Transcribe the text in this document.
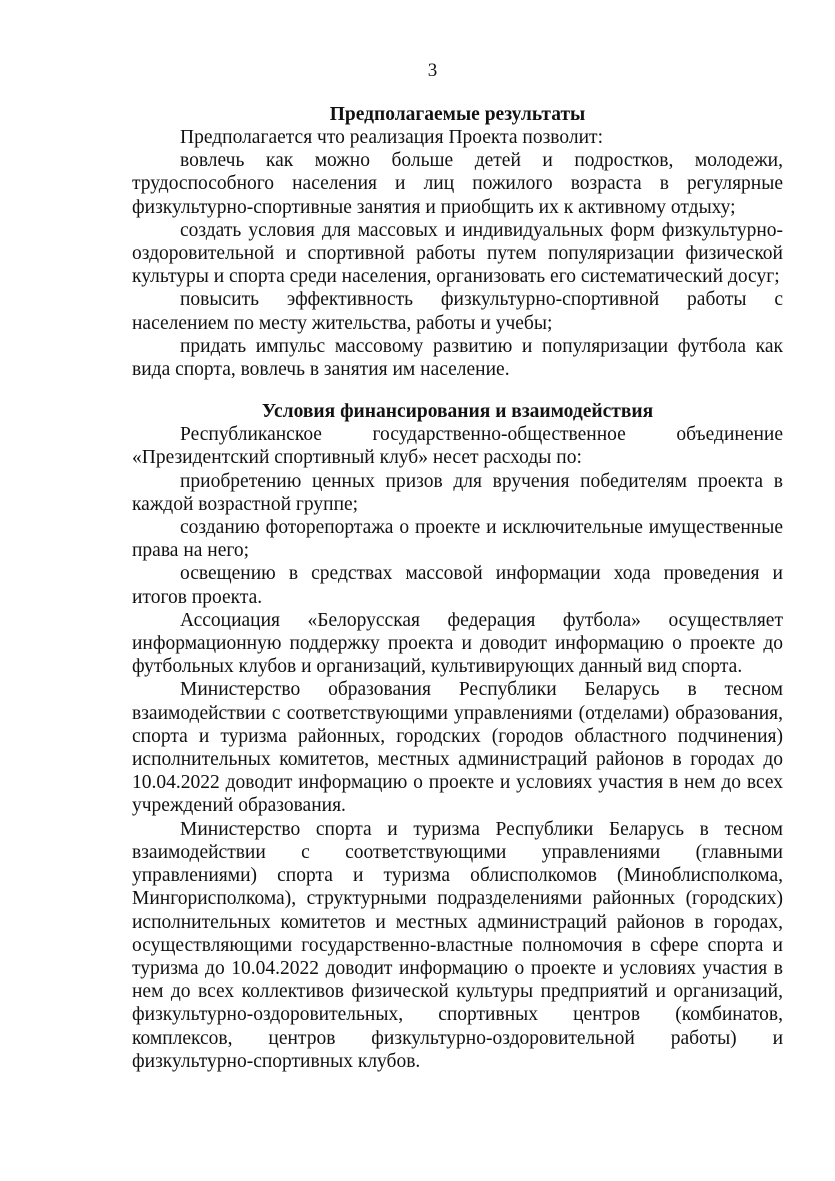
3
Предполагаемые результаты

Предполагается что реализация Проекта позволит:

вовлечь как можно больше детей и подростков, молодежи, трудоспособного населения и лиц пожилого возраста в регулярные физкультурно-спортивные занятия и приобщить их к активному отдыху;

создать условия для массовых и индивидуальных форм физкультурно-оздоровительной и спортивной работы путем популяризации физической культуры и спорта среди населения, организовать его систематический досуг;

повысить эффективность физкультурно-спортивной работы с населением по месту жительства, работы и учебы;

придать импульс массовому развитию и популяризации футбола как вида спорта, вовлечь в занятия им население.

Условия финансирования и взаимодействия

Республиканское государственно-общественное объединение «Президентский спортивный клуб» несет расходы по:

приобретению ценных призов для вручения победителям проекта в каждой возрастной группе;

созданию фоторепортажа о проекте и исключительные имущественные права на него;

освещению в средствах массовой информации хода проведения и итогов проекта.

Ассоциация «Белорусская федерация футбола» осуществляет информационную поддержку проекта и доводит информацию о проекте до футбольных клубов и организаций, культивирующих данный вид спорта.

Министерство образования Республики Беларусь в тесном взаимодействии с соответствующими управлениями (отделами) образования, спорта и туризма районных, городских (городов областного подчинения) исполнительных комитетов, местных администраций районов в городах до 10.04.2022 доводит информацию о проекте и условиях участия в нем до всех учреждений образования.

Министерство спорта и туризма Республики Беларусь в тесном взаимодействии с соответствующими управлениями (главными управлениями) спорта и туризма облисполкомов (Миноблисполкома, Мингорисполкома), структурными подразделениями районных (городских) исполнительных комитетов и местных администраций районов в городах, осуществляющими государственно-властные полномочия в сфере спорта и туризма до 10.04.2022 доводит информацию о проекте и условиях участия в нем до всех коллективов физической культуры предприятий и организаций, физкультурно-оздоровительных, спортивных центров (комбинатов, комплексов, центров физкультурно-оздоровительной работы) и физкультурно-спортивных клубов.
